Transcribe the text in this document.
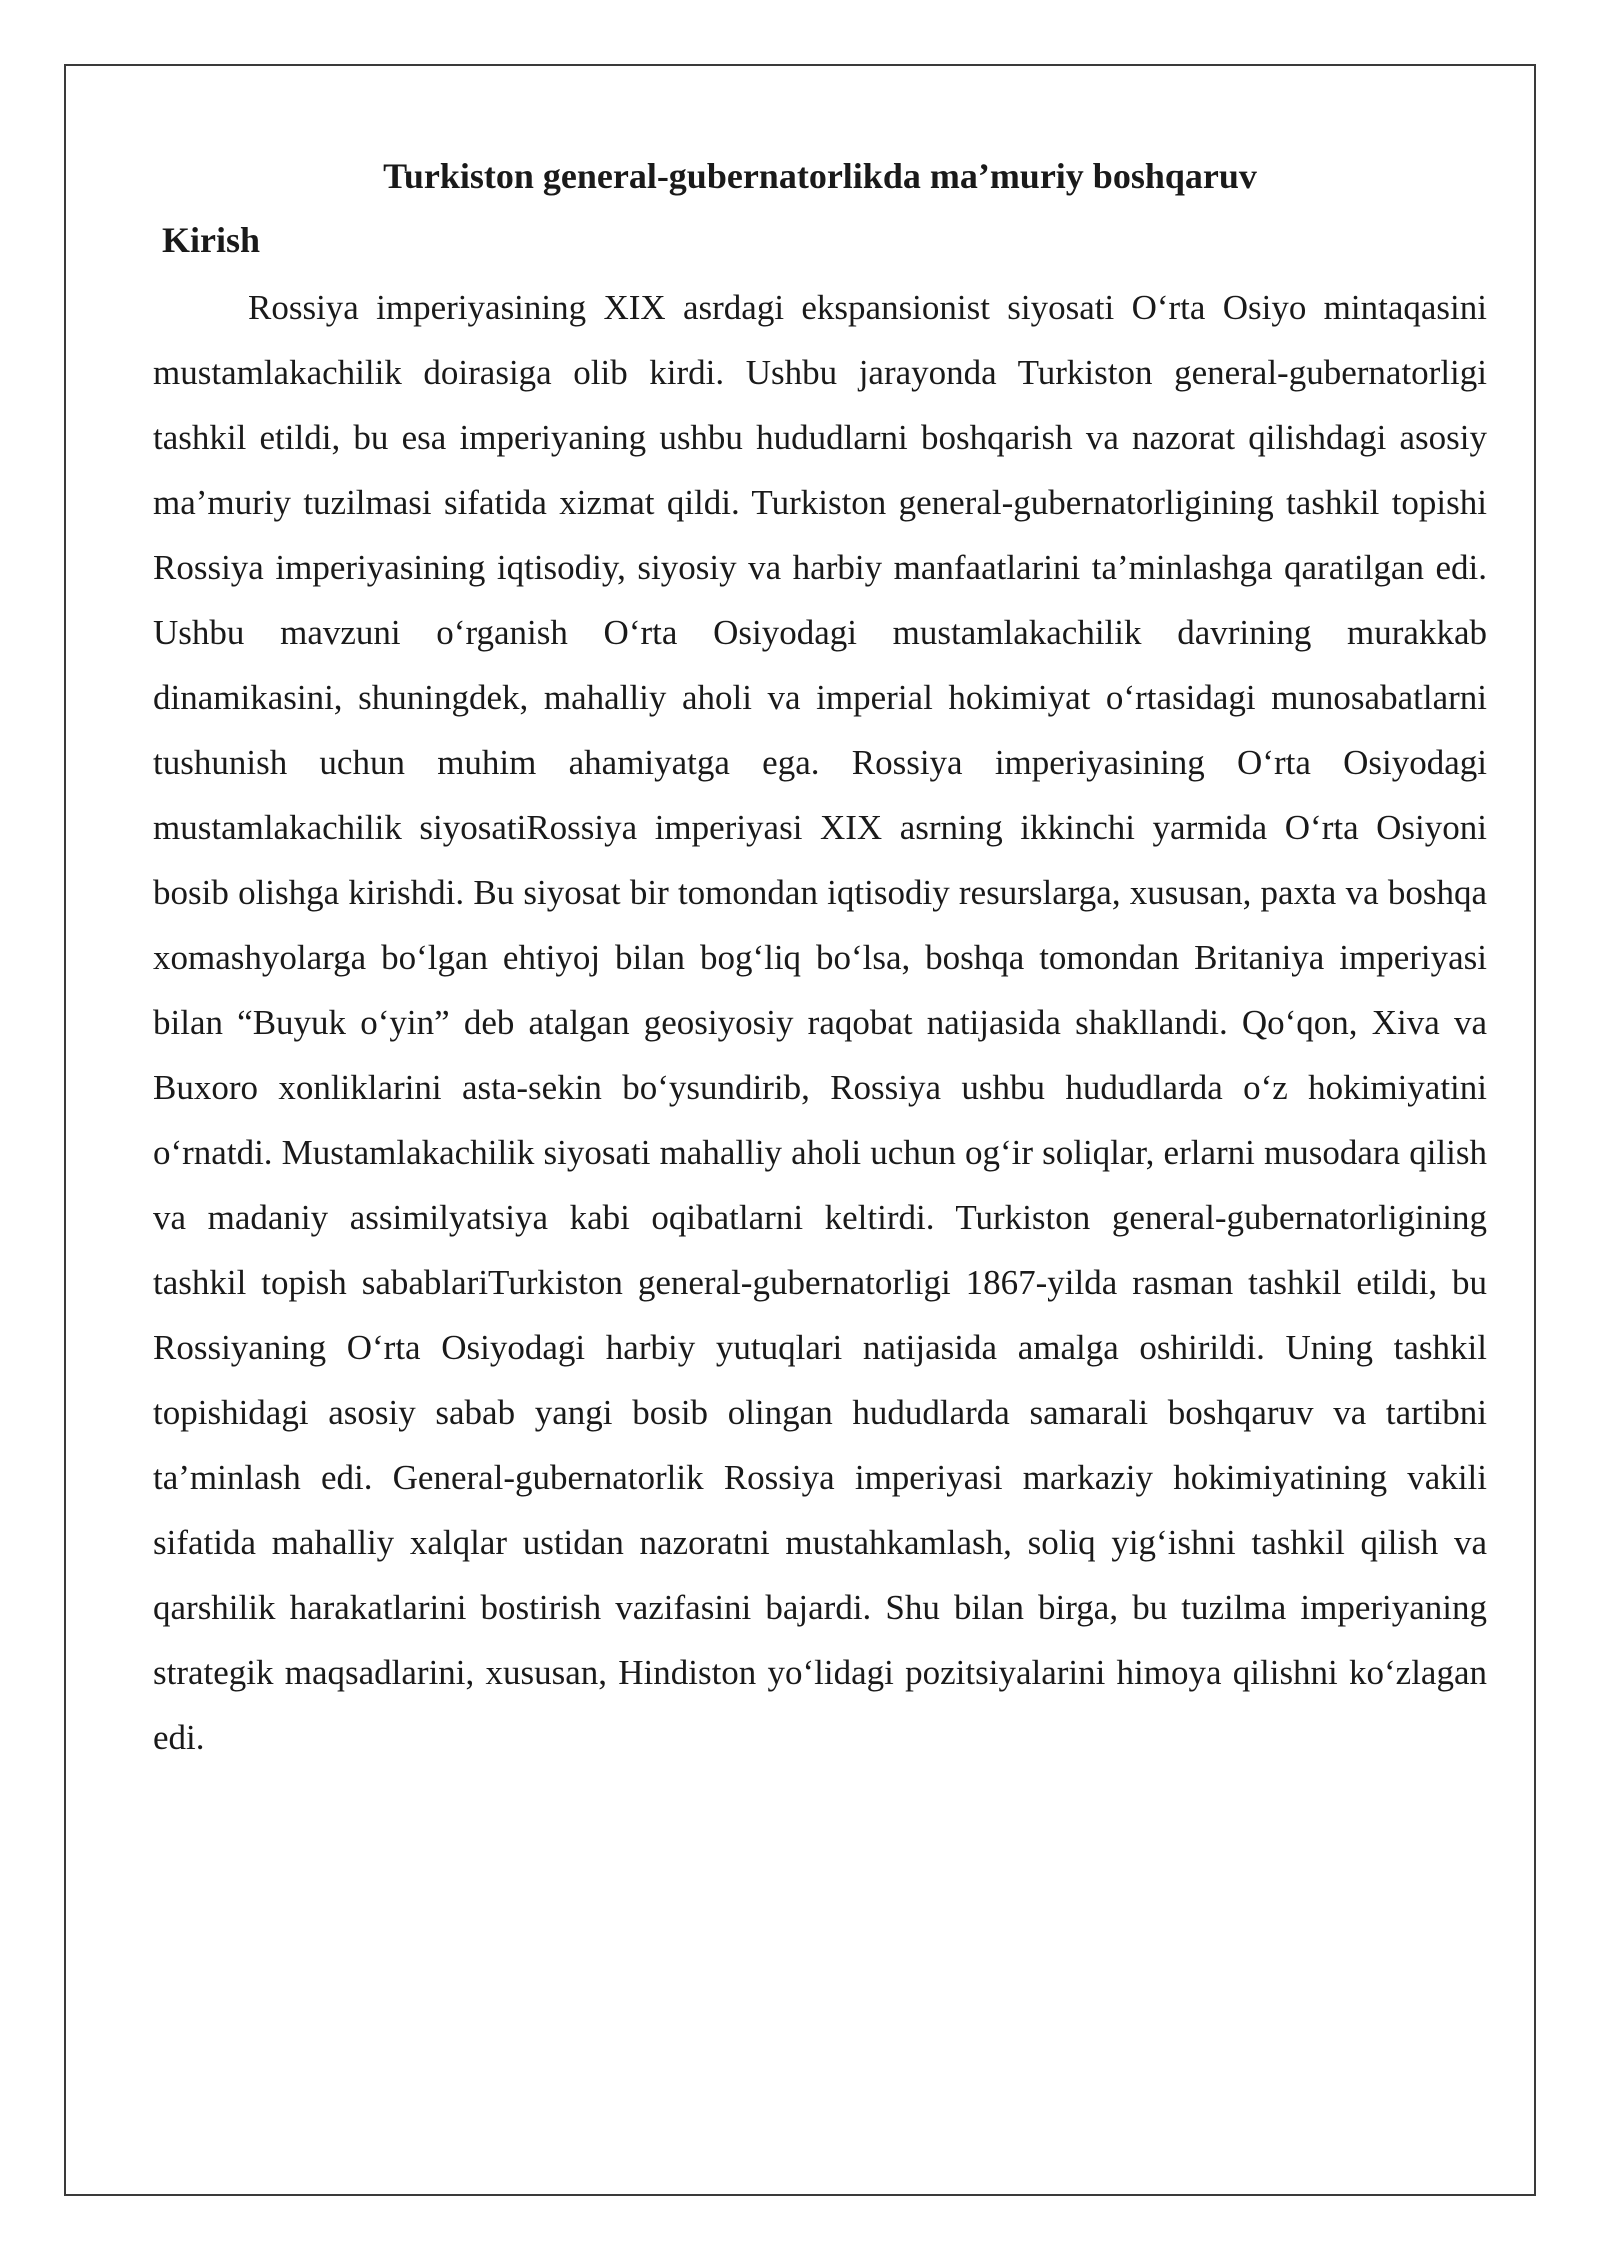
Turkiston general-gubernatorlikda ma’muriy boshqaruv
Kirish

Rossiya imperiyasining XIX asrdagi ekspansionist siyosati O‘rta Osiyo mintaqasini mustamlakachilik doirasiga olib kirdi. Ushbu jarayonda Turkiston general-gubernatorligi tashkil etildi, bu esa imperiyaning ushbu hududlarni boshqarish va nazorat qilishdagi asosiy ma’muriy tuzilmasi sifatida xizmat qildi. Turkiston general-gubernatorligining tashkil topishi Rossiya imperiyasining iqtisodiy, siyosiy va harbiy manfaatlarini ta’minlashga qaratilgan edi. Ushbu mavzuni o‘rganish O‘rta Osiyodagi mustamlakachilik davrining murakkab dinamikasini, shuningdek, mahalliy aholi va imperial hokimiyat o‘rtasidagi munosabatlarni tushunish uchun muhim ahamiyatga ega. Rossiya imperiyasining O‘rta Osiyodagi mustamlakachilik siyosatiRossiya imperiyasi XIX asrning ikkinchi yarmida O‘rta Osiyoni bosib olishga kirishdi. Bu siyosat bir tomondan iqtisodiy resurslarga, xususan, paxta va boshqa xomashyolarga bo‘lgan ehtiyoj bilan bog‘liq bo‘lsa, boshqa tomondan Britaniya imperiyasi bilan “Buyuk o‘yin” deb atalgan geosiyosiy raqobat natijasida shakllandi. Qo‘qon, Xiva va Buxoro xonliklarini asta-sekin bo‘ysundirib, Rossiya ushbu hududlarda o‘z hokimiyatini o‘rnatdi. Mustamlakachilik siyosati mahalliy aholi uchun og‘ir soliqlar, erlarni musodara qilish va madaniy assimilyatsiya kabi oqibatlarni keltirdi. Turkiston general-gubernatorligining tashkil topish sabablariTurkiston general-gubernatorligi 1867-yilda rasman tashkil etildi, bu Rossiyaning O‘rta Osiyodagi harbiy yutuqlari natijasida amalga oshirildi. Uning tashkil topishidagi asosiy sabab yangi bosib olingan hududlarda samarali boshqaruv va tartibni ta’minlash edi. General-gubernatorlik Rossiya imperiyasi markaziy hokimiyatining vakili sifatida mahalliy xalqlar ustidan nazoratni mustahkamlash, soliq yig‘ishni tashkil qilish va qarshilik harakatlarini bostirish vazifasini bajardi. Shu bilan birga, bu tuzilma imperiyaning strategik maqsadlarini, xususan, Hindiston yo‘lidagi pozitsiyalarini himoya qilishni ko‘zlagan edi.
